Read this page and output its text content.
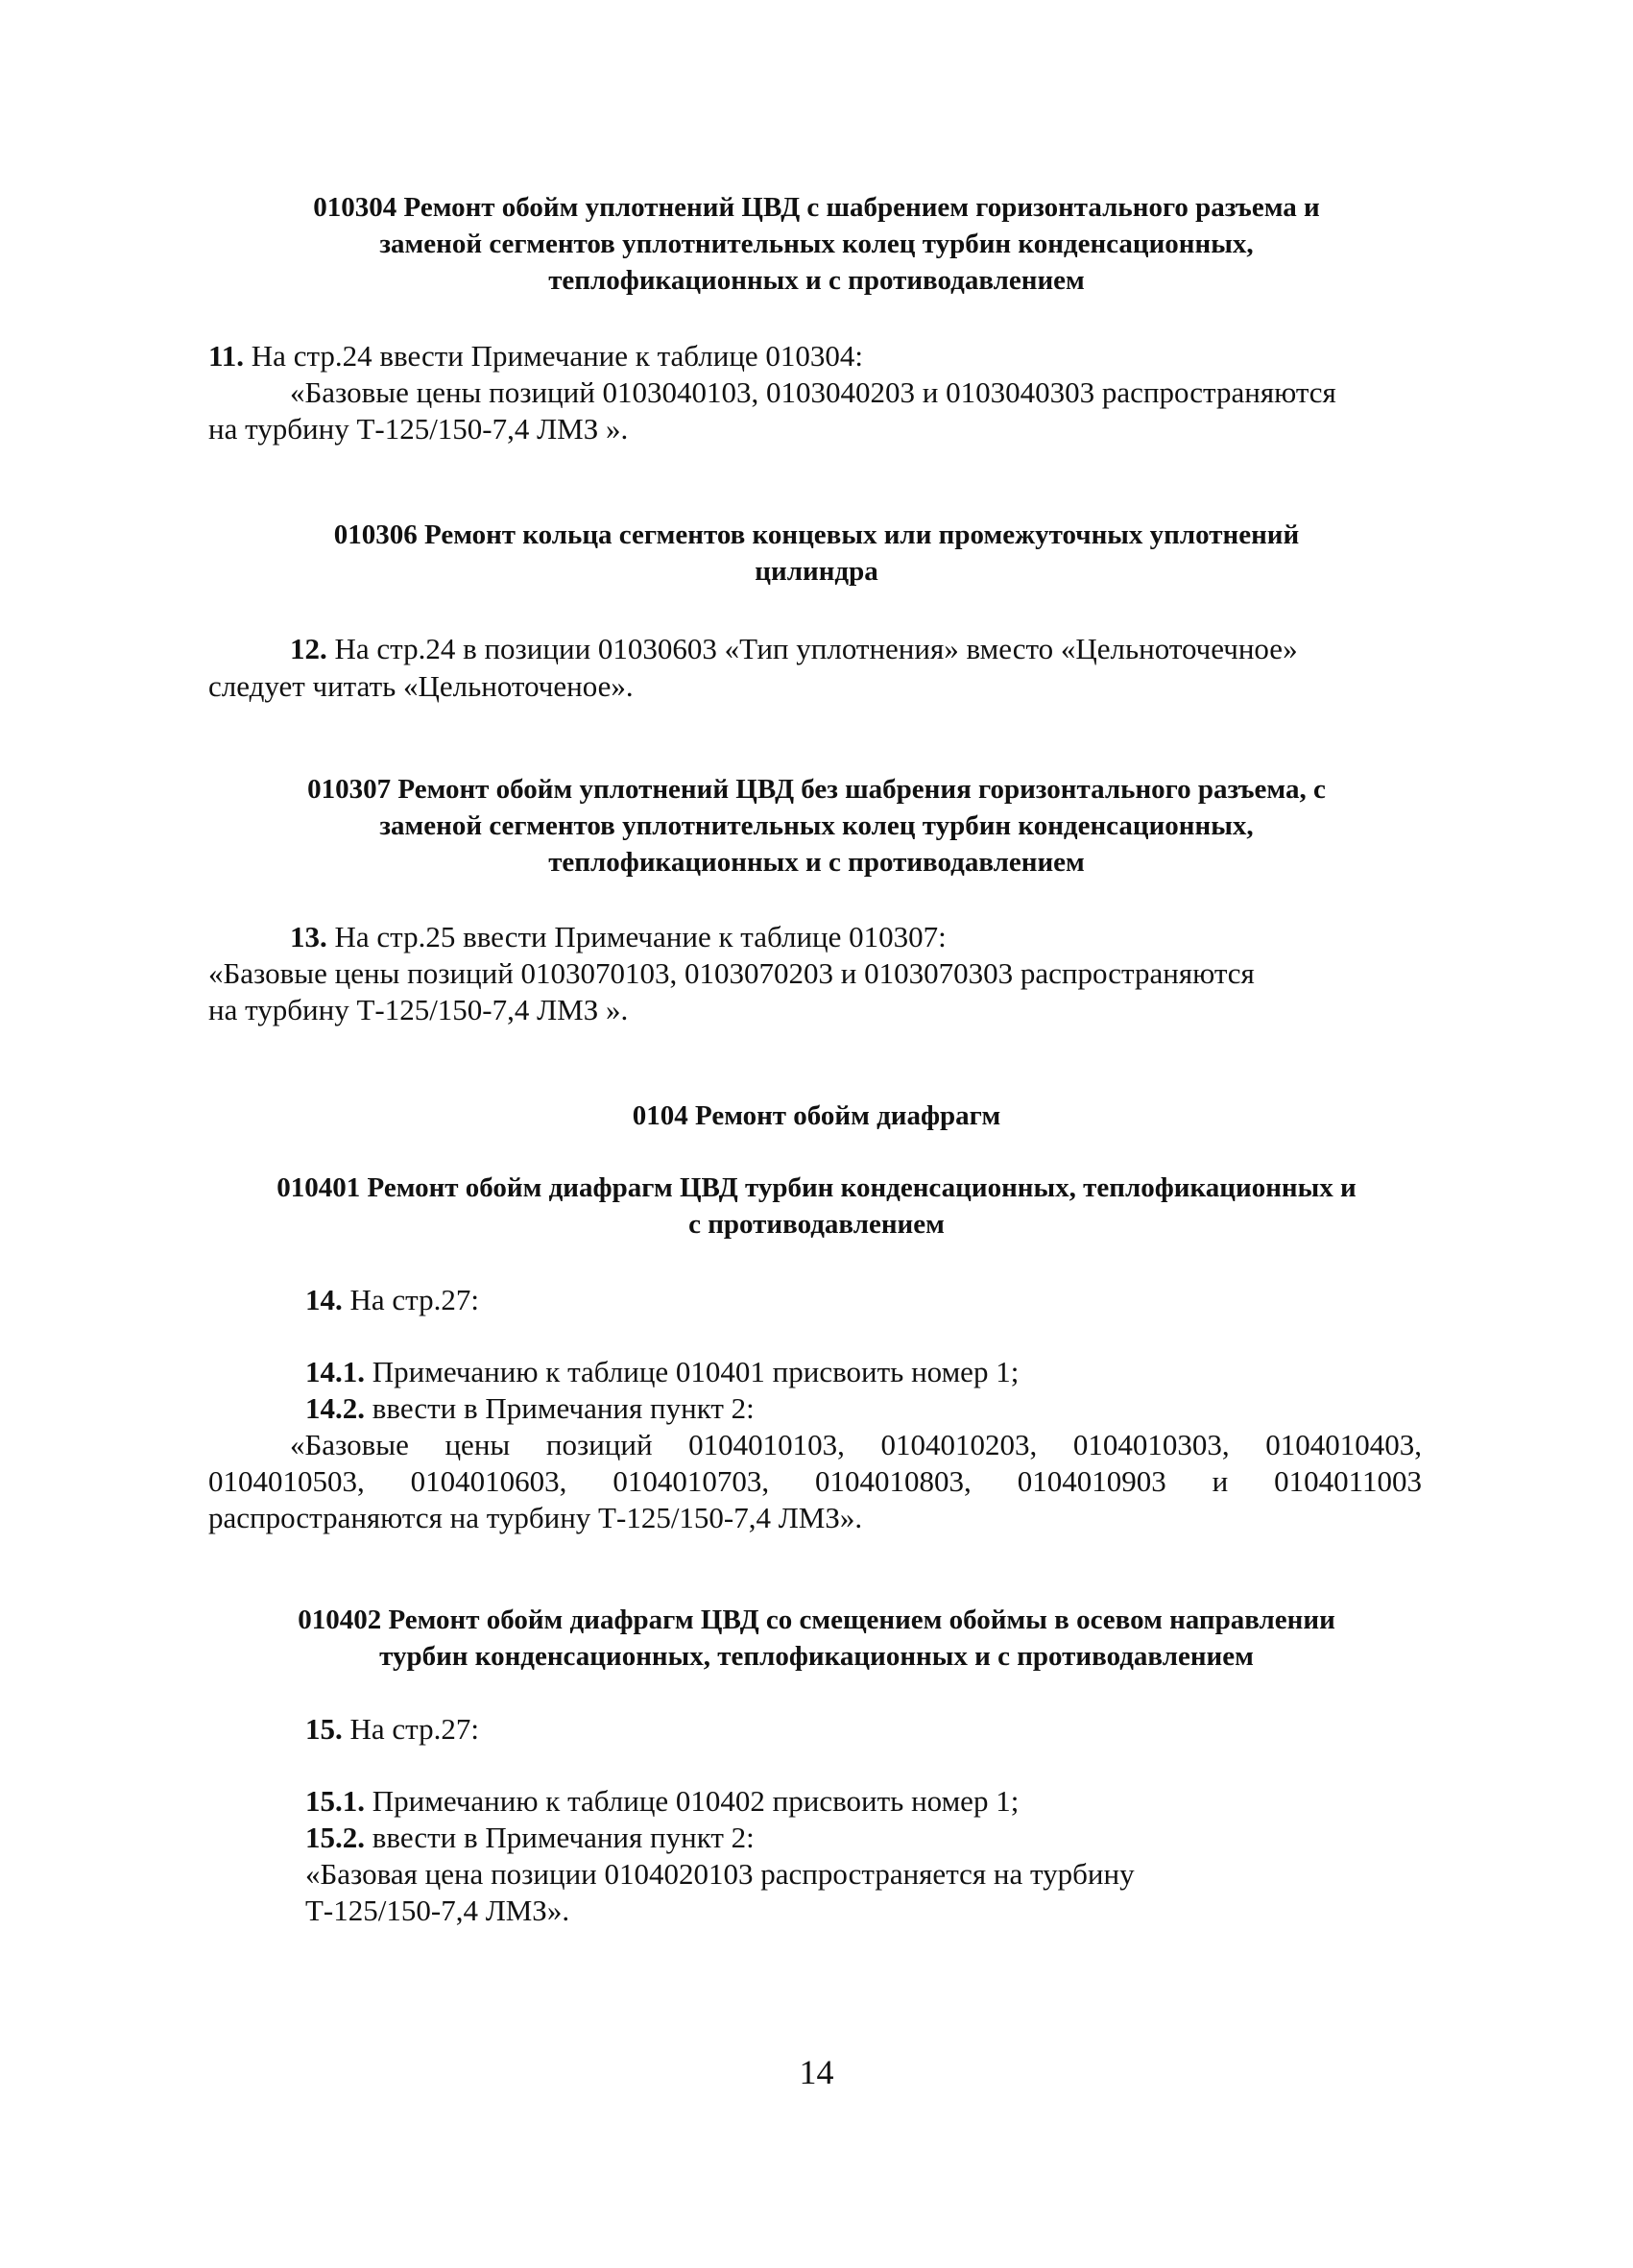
010304 Ремонт обойм уплотнений ЦВД с шабрением горизонтального разъема и
заменой сегментов уплотнительных колец турбин конденсационных,
теплофикационных и с противодавлением
11. На стр.24 ввести Примечание к таблице 010304:
«Базовые цены позиций 0103040103, 0103040203 и 0103040303 распространяются
на турбину Т-125/150-7,4 ЛМЗ ».
010306 Ремонт кольца сегментов концевых или промежуточных уплотнений
цилиндра
12. На стр.24 в позиции 01030603 «Тип уплотнения» вместо «Цельноточечное»
следует читать «Цельноточеное».
010307 Ремонт обойм уплотнений ЦВД без шабрения горизонтального разъема, с
заменой сегментов уплотнительных колец турбин конденсационных,
теплофикационных и с противодавлением
13. На стр.25 ввести Примечание к таблице 010307:
«Базовые цены позиций 0103070103, 0103070203 и 0103070303 распространяются
на турбину Т-125/150-7,4 ЛМЗ ».
0104 Ремонт обойм диафрагм
010401 Ремонт обойм диафрагм ЦВД турбин конденсационных, теплофикационных и
с противодавлением
14. На стр.27:
14.1. Примечанию к таблице 010401 присвоить номер 1;
14.2. ввести в Примечания пункт 2:
«Базовые цены позиций 0104010103, 0104010203, 0104010303, 0104010403,
0104010503, 0104010603, 0104010703, 0104010803, 0104010903 и 0104011003
распространяются на турбину Т-125/150-7,4 ЛМЗ».
010402 Ремонт обойм диафрагм ЦВД со смещением обоймы в осевом направлении
турбин конденсационных, теплофикационных и с противодавлением
15. На стр.27:
15.1. Примечанию к таблице 010402 присвоить номер 1;
15.2. ввести в Примечания пункт 2:
«Базовая цена позиции 0104020103 распространяется на турбину
Т-125/150-7,4 ЛМЗ».
14
